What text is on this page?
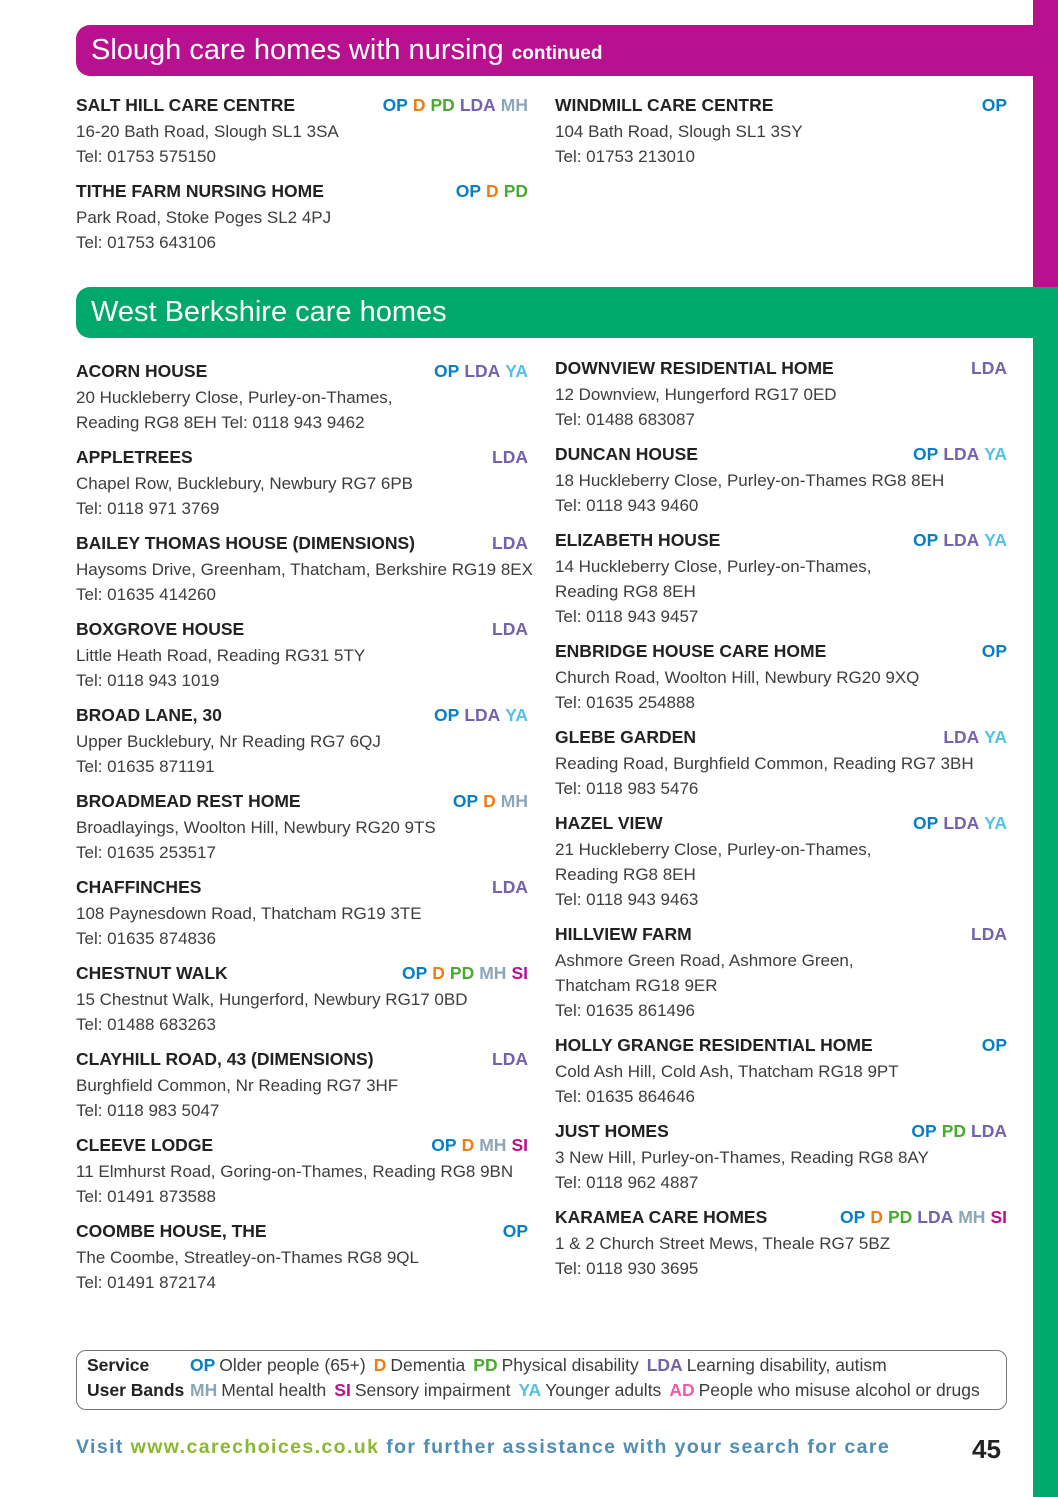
Slough care homes with nursing continued
SALT HILL CARE CENTRE	OP D PD LDA MH
16-20 Bath Road, Slough SL1 3SA
Tel: 01753 575150
TITHE FARM NURSING HOME	OP D PD
Park Road, Stoke Poges SL2 4PJ
Tel: 01753 643106
WINDMILL CARE CENTRE	OP
104 Bath Road, Slough SL1 3SY
Tel: 01753 213010
West Berkshire care homes
ACORN HOUSE	OP LDA YA
20 Huckleberry Close, Purley-on-Thames,
Reading RG8 8EH Tel: 0118 943 9462
APPLETREES	LDA
Chapel Row, Bucklebury, Newbury RG7 6PB
Tel: 0118 971 3769
BAILEY THOMAS HOUSE (DIMENSIONS)	LDA
Haysoms Drive, Greenham, Thatcham, Berkshire RG19 8EX
Tel: 01635 414260
BOXGROVE HOUSE	LDA
Little Heath Road, Reading RG31 5TY
Tel: 0118 943 1019
BROAD LANE, 30	OP LDA YA
Upper Bucklebury, Nr Reading RG7 6QJ
Tel: 01635 871191
BROADMEAD REST HOME	OP D MH
Broadlayings, Woolton Hill, Newbury RG20 9TS
Tel: 01635 253517
CHAFFINCHES	LDA
108 Paynesdown Road, Thatcham RG19 3TE
Tel: 01635 874836
CHESTNUT WALK	OP D PD MH SI
15 Chestnut Walk, Hungerford, Newbury RG17 0BD
Tel: 01488 683263
CLAYHILL ROAD, 43 (DIMENSIONS)	LDA
Burghfield Common, Nr Reading RG7 3HF
Tel: 0118 983 5047
CLEEVE LODGE	OP D MH SI
11 Elmhurst Road, Goring-on-Thames, Reading RG8 9BN
Tel: 01491 873588
COOMBE HOUSE, THE	OP
The Coombe, Streatley-on-Thames RG8 9QL
Tel: 01491 872174
DOWNVIEW RESIDENTIAL HOME	LDA
12 Downview, Hungerford RG17 0ED
Tel: 01488 683087
DUNCAN HOUSE	OP LDA YA
18 Huckleberry Close, Purley-on-Thames RG8 8EH
Tel: 0118 943 9460
ELIZABETH HOUSE	OP LDA YA
14 Huckleberry Close, Purley-on-Thames,
Reading RG8 8EH
Tel: 0118 943 9457
ENBRIDGE HOUSE CARE HOME	OP
Church Road, Woolton Hill, Newbury RG20 9XQ
Tel: 01635 254888
GLEBE GARDEN	LDA YA
Reading Road, Burghfield Common, Reading RG7 3BH
Tel: 0118 983 5476
HAZEL VIEW	OP LDA YA
21 Huckleberry Close, Purley-on-Thames,
Reading RG8 8EH
Tel: 0118 943 9463
HILLVIEW FARM	LDA
Ashmore Green Road, Ashmore Green,
Thatcham RG18 9ER
Tel: 01635 861496
HOLLY GRANGE RESIDENTIAL HOME	OP
Cold Ash Hill, Cold Ash, Thatcham RG18 9PT
Tel: 01635 864646
JUST HOMES	OP PD LDA
3 New Hill, Purley-on-Thames, Reading RG8 8AY
Tel: 0118 962 4887
KARAMEA CARE HOMES	OP D PD LDA MH SI
1 & 2 Church Street Mews, Theale RG7 5BZ
Tel: 0118 930 3695
Service	OP Older people (65+) D Dementia PD Physical disability LDA Learning disability, autism
User Bands MH Mental health SI Sensory impairment YA Younger adults AD People who misuse alcohol or drugs
Visit www.carechoices.co.uk for further assistance with your search for care	45
